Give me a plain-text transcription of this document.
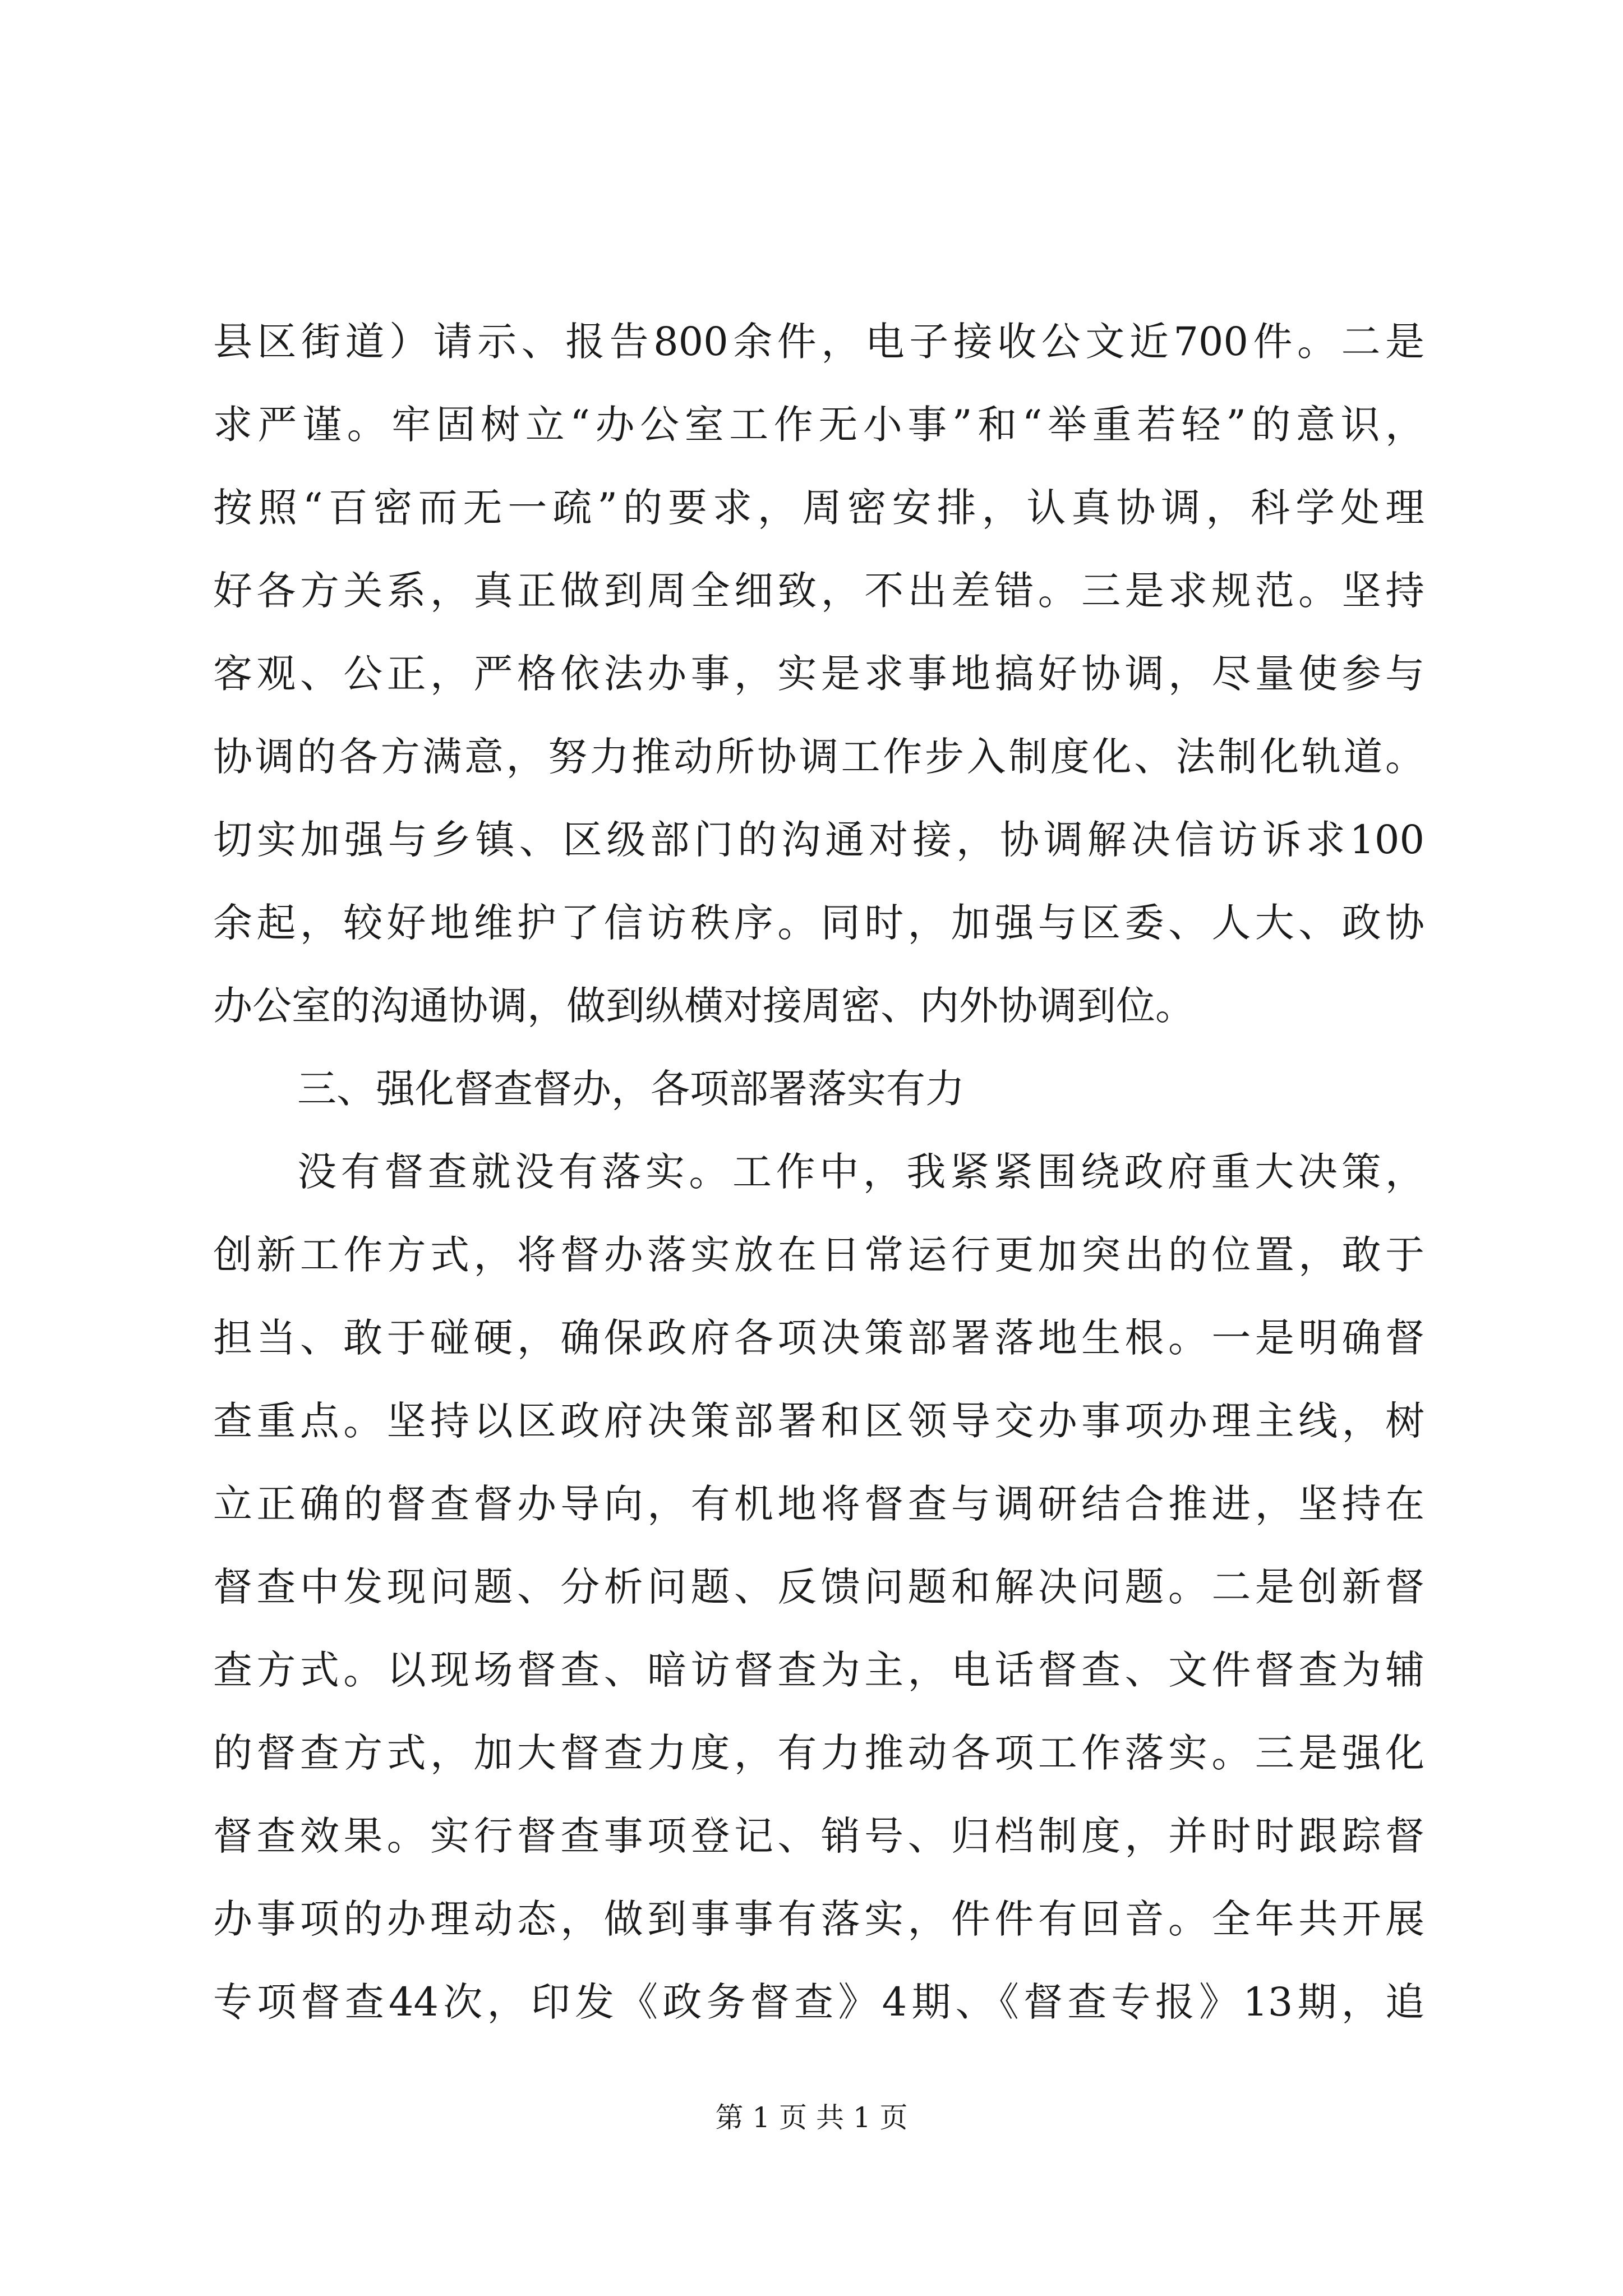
县区街道）请示、报告800余件，电子接收公文近700件。二是
求严谨。牢固树立“办公室工作无小事”和“举重若轻”的意识，
按照“百密而无一疏”的要求，周密安排，认真协调，科学处理
好各方关系，真正做到周全细致，不出差错。三是求规范。坚持
客观、公正，严格依法办事，实是求事地搞好协调，尽量使参与
协调的各方满意，努力推动所协调工作步入制度化、法制化轨道。
切实加强与乡镇、区级部门的沟通对接，协调解决信访诉求100
余起，较好地维护了信访秩序。同时，加强与区委、人大、政协
办公室的沟通协调，做到纵横对接周密、内外协调到位。
三、强化督查督办，各项部署落实有力
没有督查就没有落实。工作中，我紧紧围绕政府重大决策，
创新工作方式，将督办落实放在日常运行更加突出的位置，敢于
担当、敢于碰硬，确保政府各项决策部署落地生根。一是明确督
查重点。坚持以区政府决策部署和区领导交办事项办理主线，树
立正确的督查督办导向，有机地将督查与调研结合推进，坚持在
督查中发现问题、分析问题、反馈问题和解决问题。二是创新督
查方式。以现场督查、暗访督查为主，电话督查、文件督查为辅
的督查方式，加大督查力度，有力推动各项工作落实。三是强化
督查效果。实行督查事项登记、销号、归档制度，并时时跟踪督
办事项的办理动态，做到事事有落实，件件有回音。全年共开展
专项督查44次，印发《政务督查》4期、《督查专报》13期，追
第 1 页 共 1 页
